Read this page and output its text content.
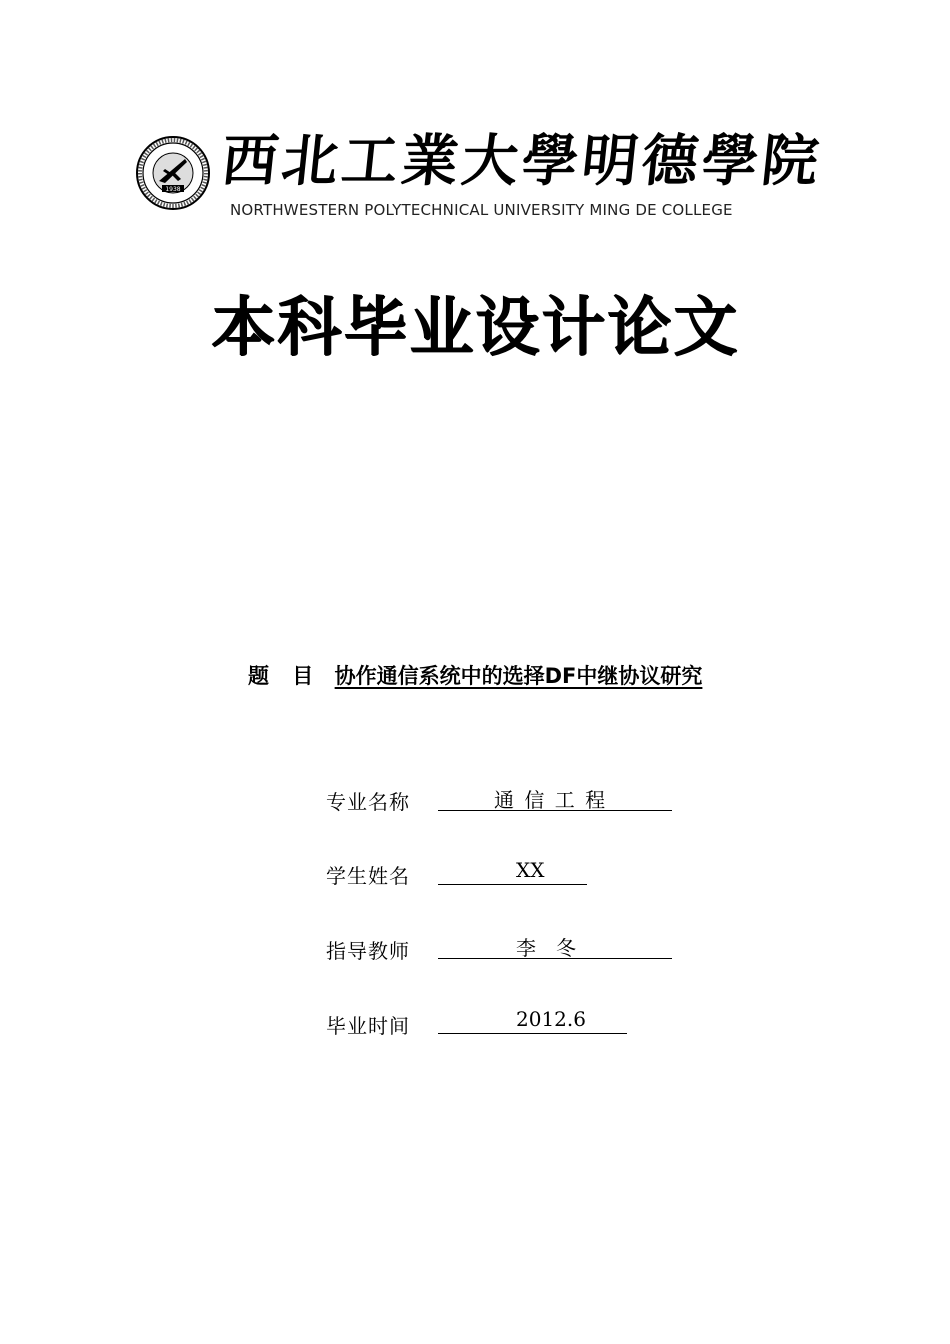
1938 西北工業大學明德學院
NORTHWESTERN POLYTECHNICAL UNIVERSITY MING DE COLLEGE
本科毕业设计论文
题 目 协作通信系统中的选择DF中继协议研究
专业名称	通 信 工 程
学生姓名	XX
指导教师	李　冬
毕业时间	2012.6
